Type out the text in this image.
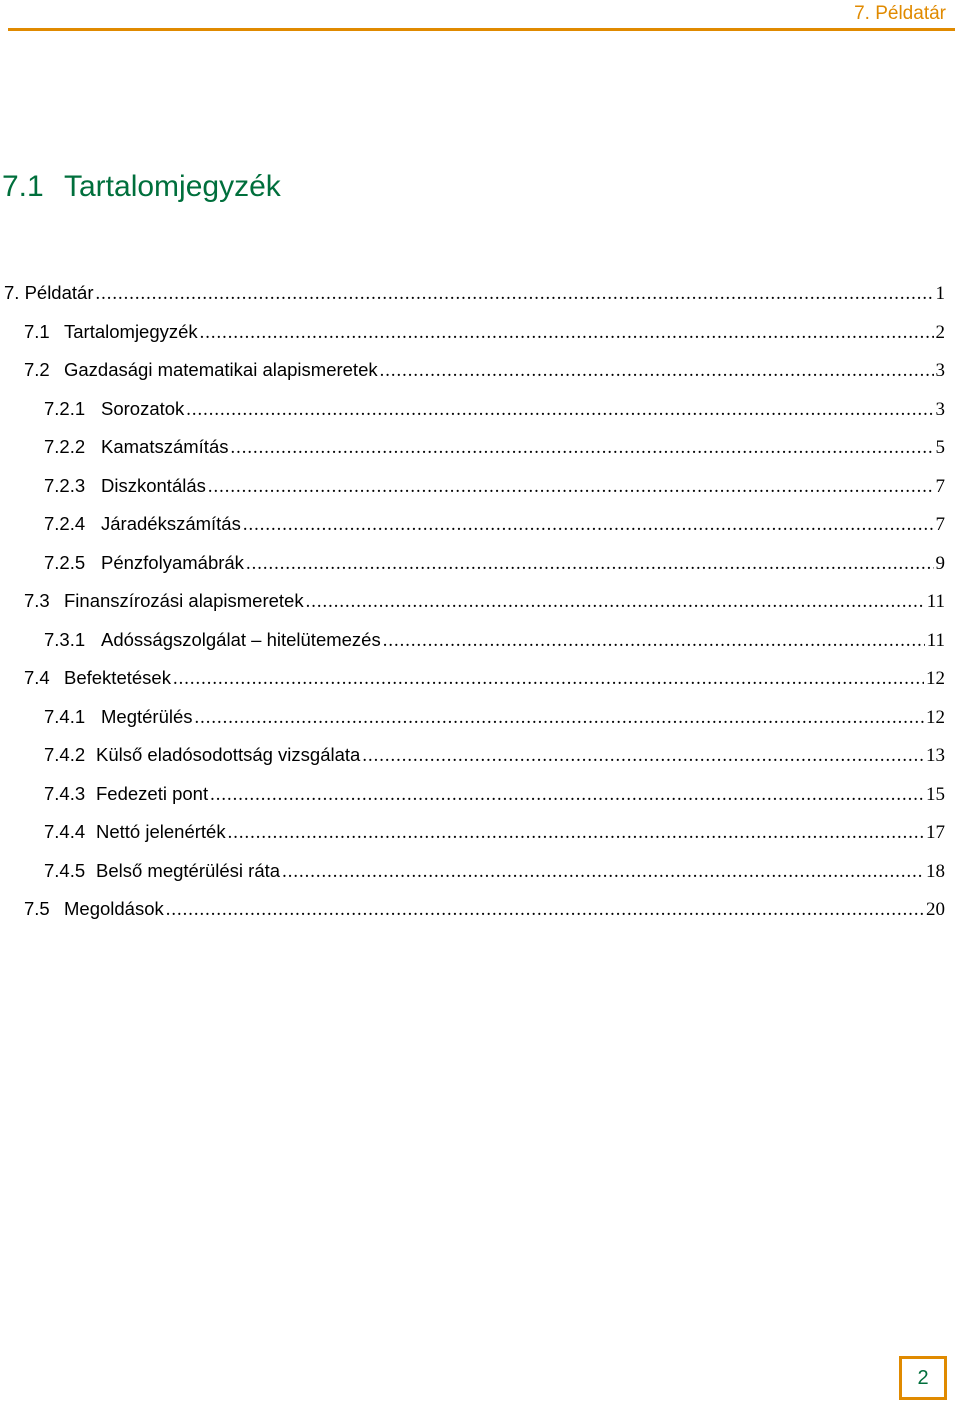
7. Példatár
7.1 Tartalomjegyzék
7. Példatár .....	1
7.1 Tartalomjegyzék .....	2
7.2 Gazdasági matematikai alapismeretek .....	3
7.2.1 Sorozatok .....	3
7.2.2 Kamatszámítás .....	5
7.2.3 Diszkontálás .....	7
7.2.4 Járadékszámítás .....	7
7.2.5 Pénzfolyamábrák .....	9
7.3 Finanszírozási alapismeretek .....	11
7.3.1 Adósságszolgálat – hitelütemezés .....	11
7.4 Befektetések .....	12
7.4.1 Megtérülés .....	12
7.4.2 Külső eladósodottság vizsgálata .....	13
7.4.3 Fedezeti pont .....	15
7.4.4 Nettó jelenérték .....	17
7.4.5 Belső megtérülési ráta .....	18
7.5 Megoldások .....	20
2
